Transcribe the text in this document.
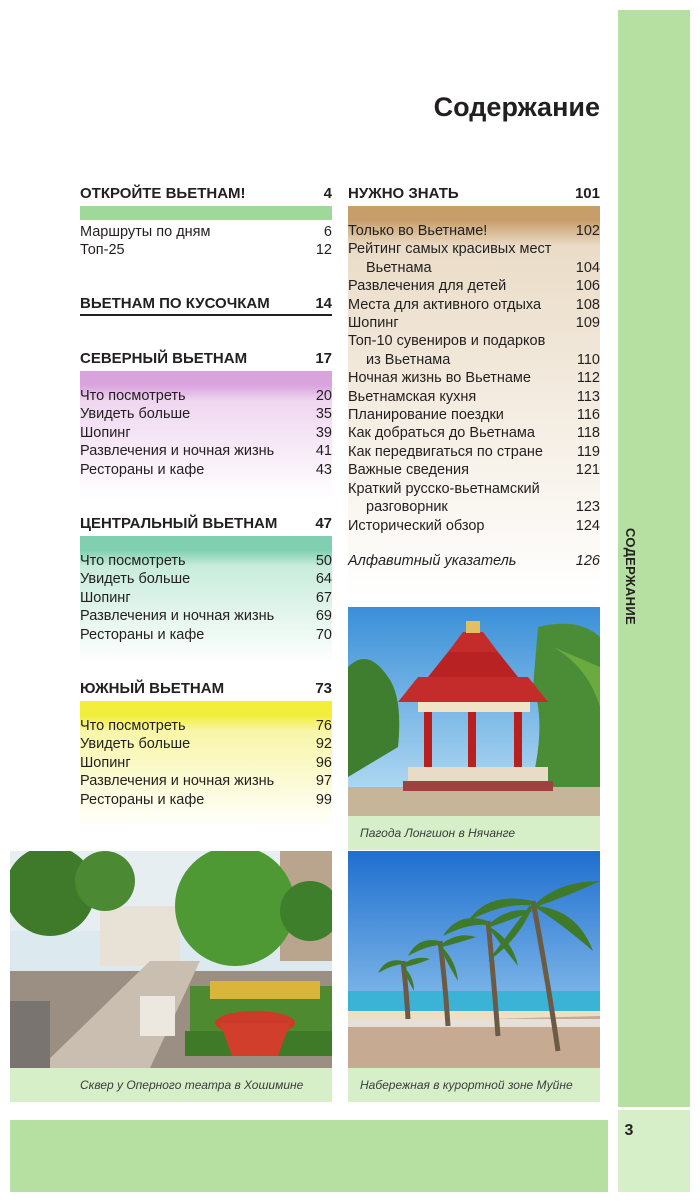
СОДЕРЖАНИЕ
3
Содержание
ОТКРОЙТЕ ВЬЕТНАМ!	4
Маршруты по дням	6
Топ-25	12
ВЬЕТНАМ ПО КУСОЧКАМ	14
СЕВЕРНЫЙ ВЬЕТНАМ	17
Что посмотреть	20
Увидеть больше	35
Шопинг	39
Развлечения и ночная жизнь	41
Рестораны и кафе	43
ЦЕНТРАЛЬНЫЙ ВЬЕТНАМ	47
Что посмотреть	50
Увидеть больше	64
Шопинг	67
Развлечения и ночная жизнь	69
Рестораны и кафе	70
ЮЖНЫЙ ВЬЕТНАМ	73
Что посмотреть	76
Увидеть больше	92
Шопинг	96
Развлечения и ночная жизнь	97
Рестораны и кафе	99
НУЖНО ЗНАТЬ	101
Только во Вьетнаме!	102
Рейтинг самых красивых мест
Вьетнама	104
Развлечения для детей	106
Места для активного отдыха 108
Шопинг	109
Топ-10 сувениров и подарков
из Вьетнама	110
Ночная жизнь во Вьетнаме	112
Вьетнамская кухня	113
Планирование поездки	116
Как добраться до Вьетнама	118
Как передвигаться по стране 119
Важные сведения	121
Краткий русско-вьетнамский
разговорник	123
Исторический обзор	124
Алфавитный указатель	126
Пагода Лонгшон в Нячанге
Сквер у Оперного театра в Хошимине	Набережная в курортной зоне Муйне
